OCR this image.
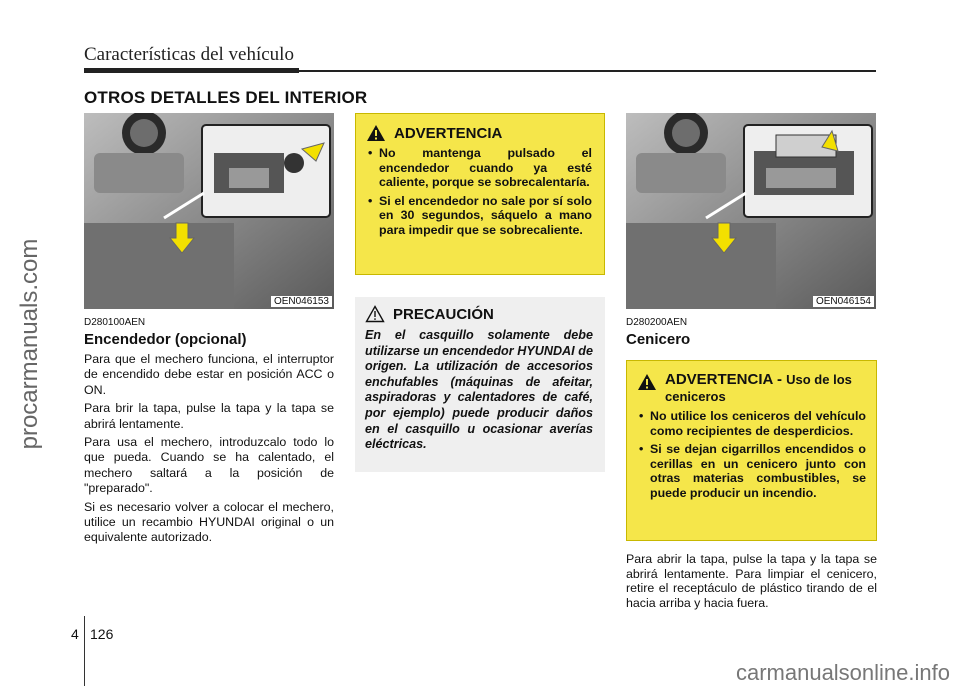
Características del vehículo
OTROS DETALLES DEL INTERIOR
procarmanuals.com	OEN046153
D280100AEN
Encendedor (opcional)

Para que el mechero funciona, el interruptor de encendido debe estar en posición ACC o ON.

Para brir la tapa, pulse la tapa y la tapa se abrirá lentamente.

Para usa el mechero, introduzcalo todo lo que pueda. Cuando se ha calentado, el mechero saltará a la posición de "preparado".

Si es necesario volver a colocar el mechero, utilice un recambio HYUNDAI original o un equivalente autorizado.

ADVERTENCIA
• No mantenga pulsado el encendedor cuando ya esté caliente, porque se sobrecalentaría.
• Si el encendedor no sale por sí solo en 30 segundos, sáquelo a mano para impedir que se sobrecaliente.
PRECAUCIÓN
En el casquillo solamente debe utilizarse un encendedor HYUNDAI de origen. La utilización de accesorios enchufables (máquinas de afeitar, aspiradoras y calentadores de café, por ejemplo) puede producir daños en el casquillo u ocasionar averías eléctricas.
OEN046154
D280200AEN
Cenicero
ADVERTENCIA - Uso de los ceniceros
• No utilice los ceniceros del vehículo como recipientes de desperdicios.
• Si se dejan cigarrillos encendidos o cerillas en un cenicero junto con otras materias combustibles, se puede producir un incendio.
Para abrir la tapa, pulse la tapa y la tapa se abrirá lentamente. Para limpiar el cenicero, retire el receptáculo de plástico tirando de el hacia arriba y hacia fuera.
4 126
carmanualsonline.info
